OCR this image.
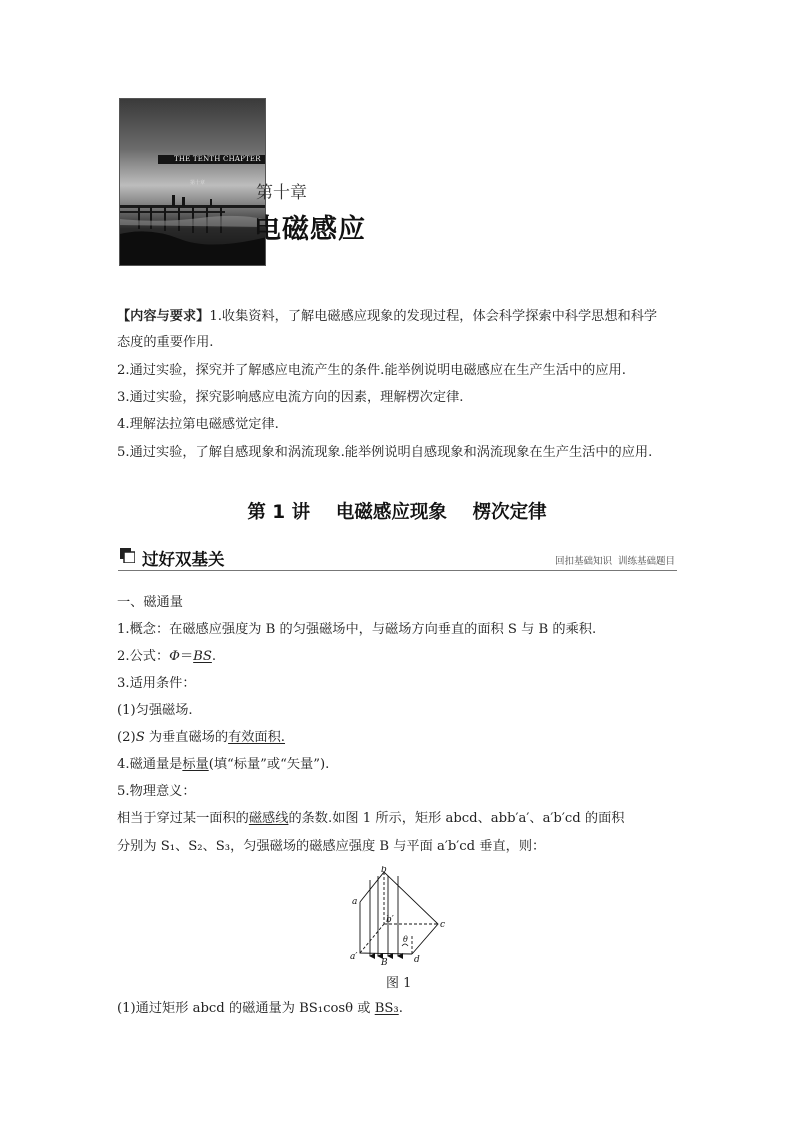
THE TENTH CHAPTER
第十章	第十章
电磁感应
【内容与要求】1.收集资料，了解电磁感应现象的发现过程，体会科学探索中科学思想和科学
态度的重要作用.
2.通过实验，探究并了解感应电流产生的条件.能举例说明电磁感应在生产生活中的应用.
3.通过实验，探究影响感应电流方向的因素，理解楞次定律.
4.理解法拉第电磁感觉定律.
5.通过实验，了解自感现象和涡流现象.能举例说明自感现象和涡流现象在生产生活中的应用.
第 1 讲    电磁感应现象    楞次定律
过好双基关	回扣基础知识  训练基础题目
一、磁通量
1.概念：在磁感应强度为 B 的匀强磁场中，与磁场方向垂直的面积 S 与 B 的乘积.
2.公式：Φ＝BS.
3.适用条件：
(1)匀强磁场.
(2)S 为垂直磁场的有效面积.
4.磁通量是标量(填“标量”或“矢量”).
5.物理意义：
相当于穿过某一面积的磁感线的条数.如图 1 所示，矩形 abcd、abb′a′、a′b′cd 的面积
分别为 S₁、S₂、S₃，匀强磁场的磁感应强度 B 与平面 a′b′cd 垂直，则：
a
b
c
d
a′
b′
θ
B
图 1
(1)通过矩形 abcd 的磁通量为 BS₁cosθ 或 BS₃.
